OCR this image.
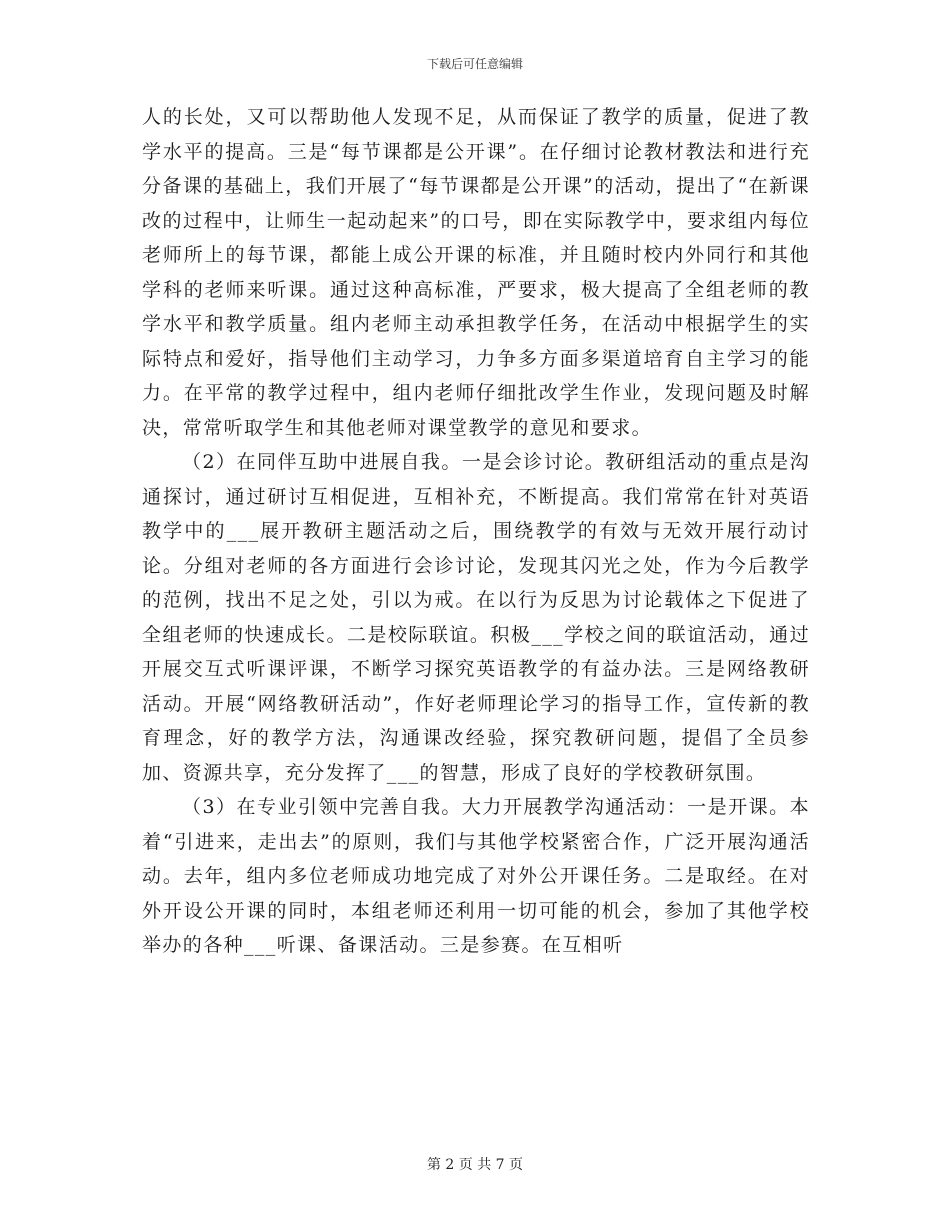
下载后可任意编辑

人的长处，又可以帮助他人发现不足，从而保证了教学的质量，促进了教学水平的提高。三是“每节课都是公开课”。在仔细讨论教材教法和进行充分备课的基础上，我们开展了“每节课都是公开课”的活动，提出了“在新课改的过程中，让师生一起动起来”的口号，即在实际教学中，要求组内每位老师所上的每节课，都能上成公开课的标准，并且随时校内外同行和其他学科的老师来听课。通过这种高标准，严要求，极大提高了全组老师的教学水平和教学质量。组内老师主动承担教学任务，在活动中根据学生的实际特点和爱好，指导他们主动学习，力争多方面多渠道培育自主学习的能力。在平常的教学过程中，组内老师仔细批改学生作业，发现问题及时解决，常常听取学生和其他老师对课堂教学的意见和要求。

（2）在同伴互助中进展自我。一是会诊讨论。教研组活动的重点是沟通探讨，通过研讨互相促进，互相补充，不断提高。我们常常在针对英语教学中的___展开教研主题活动之后，围绕教学的有效与无效开展行动讨论。分组对老师的各方面进行会诊讨论，发现其闪光之处，作为今后教学的范例，找出不足之处，引以为戒。在以行为反思为讨论载体之下促进了全组老师的快速成长。二是校际联谊。积极___学校之间的联谊活动，通过开展交互式听课评课，不断学习探究英语教学的有益办法。三是网络教研活动。开展“网络教研活动”，作好老师理论学习的指导工作，宣传新的教育理念，好的教学方法，沟通课改经验，探究教研问题，提倡了全员参加、资源共享，充分发挥了___的智慧，形成了良好的学校教研氛围。

（3）在专业引领中完善自我。大力开展教学沟通活动：一是开课。本着“引进来，走出去”的原则，我们与其他学校紧密合作，广泛开展沟通活动。去年，组内多位老师成功地完成了对外公开课任务。二是取经。在对外开设公开课的同时，本组老师还利用一切可能的机会，参加了其他学校举办的各种___听课、备课活动。三是参赛。在互相听

第 2 页 共 7 页
